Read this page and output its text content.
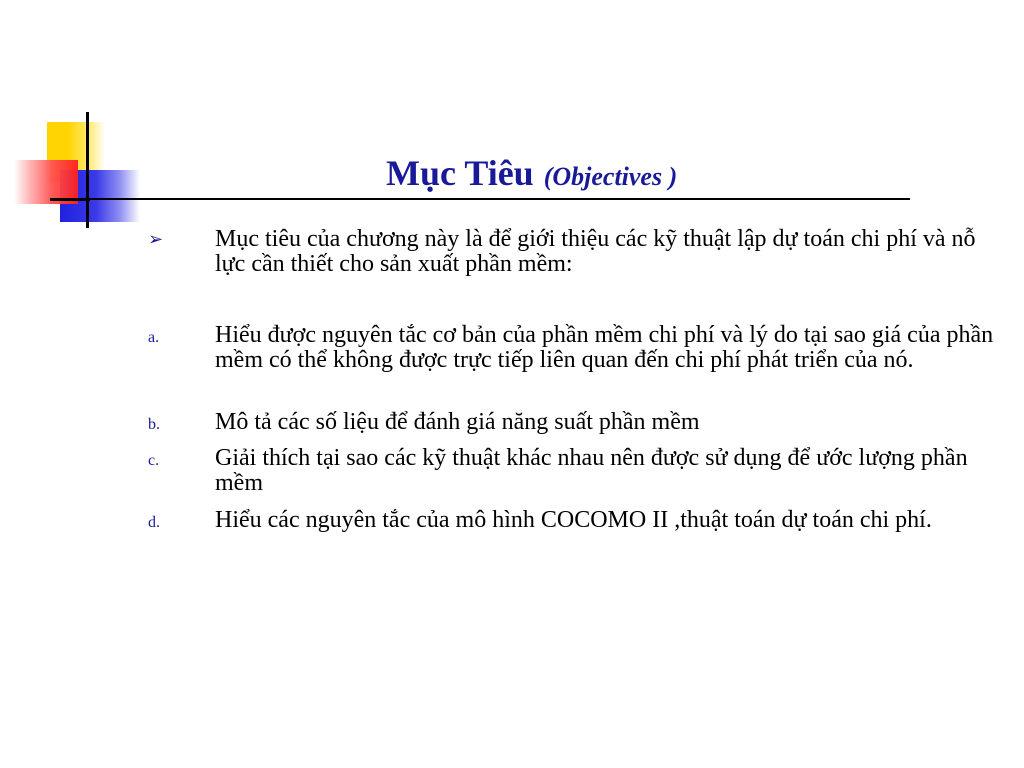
Mục Tiêu (Objectives )
➢	Mục tiêu của chương này là để giới thiệu các kỹ thuật lập dự toán chi phí và nỗ lực cần thiết cho sản xuất phần mềm:
a.	Hiểu được nguyên tắc cơ bản của phần mềm chi phí và lý do tại sao giá của phần mềm có thể không được trực tiếp liên quan đến chi phí phát triển của nó.
b.	Mô tả các số liệu để đánh giá năng suất phần mềm
c.	Giải thích tại sao các kỹ thuật khác nhau nên được sử dụng để ước lượng phần mềm
d.	Hiểu các nguyên tắc của mô hình COCOMO II ,thuật toán dự toán chi phí.
